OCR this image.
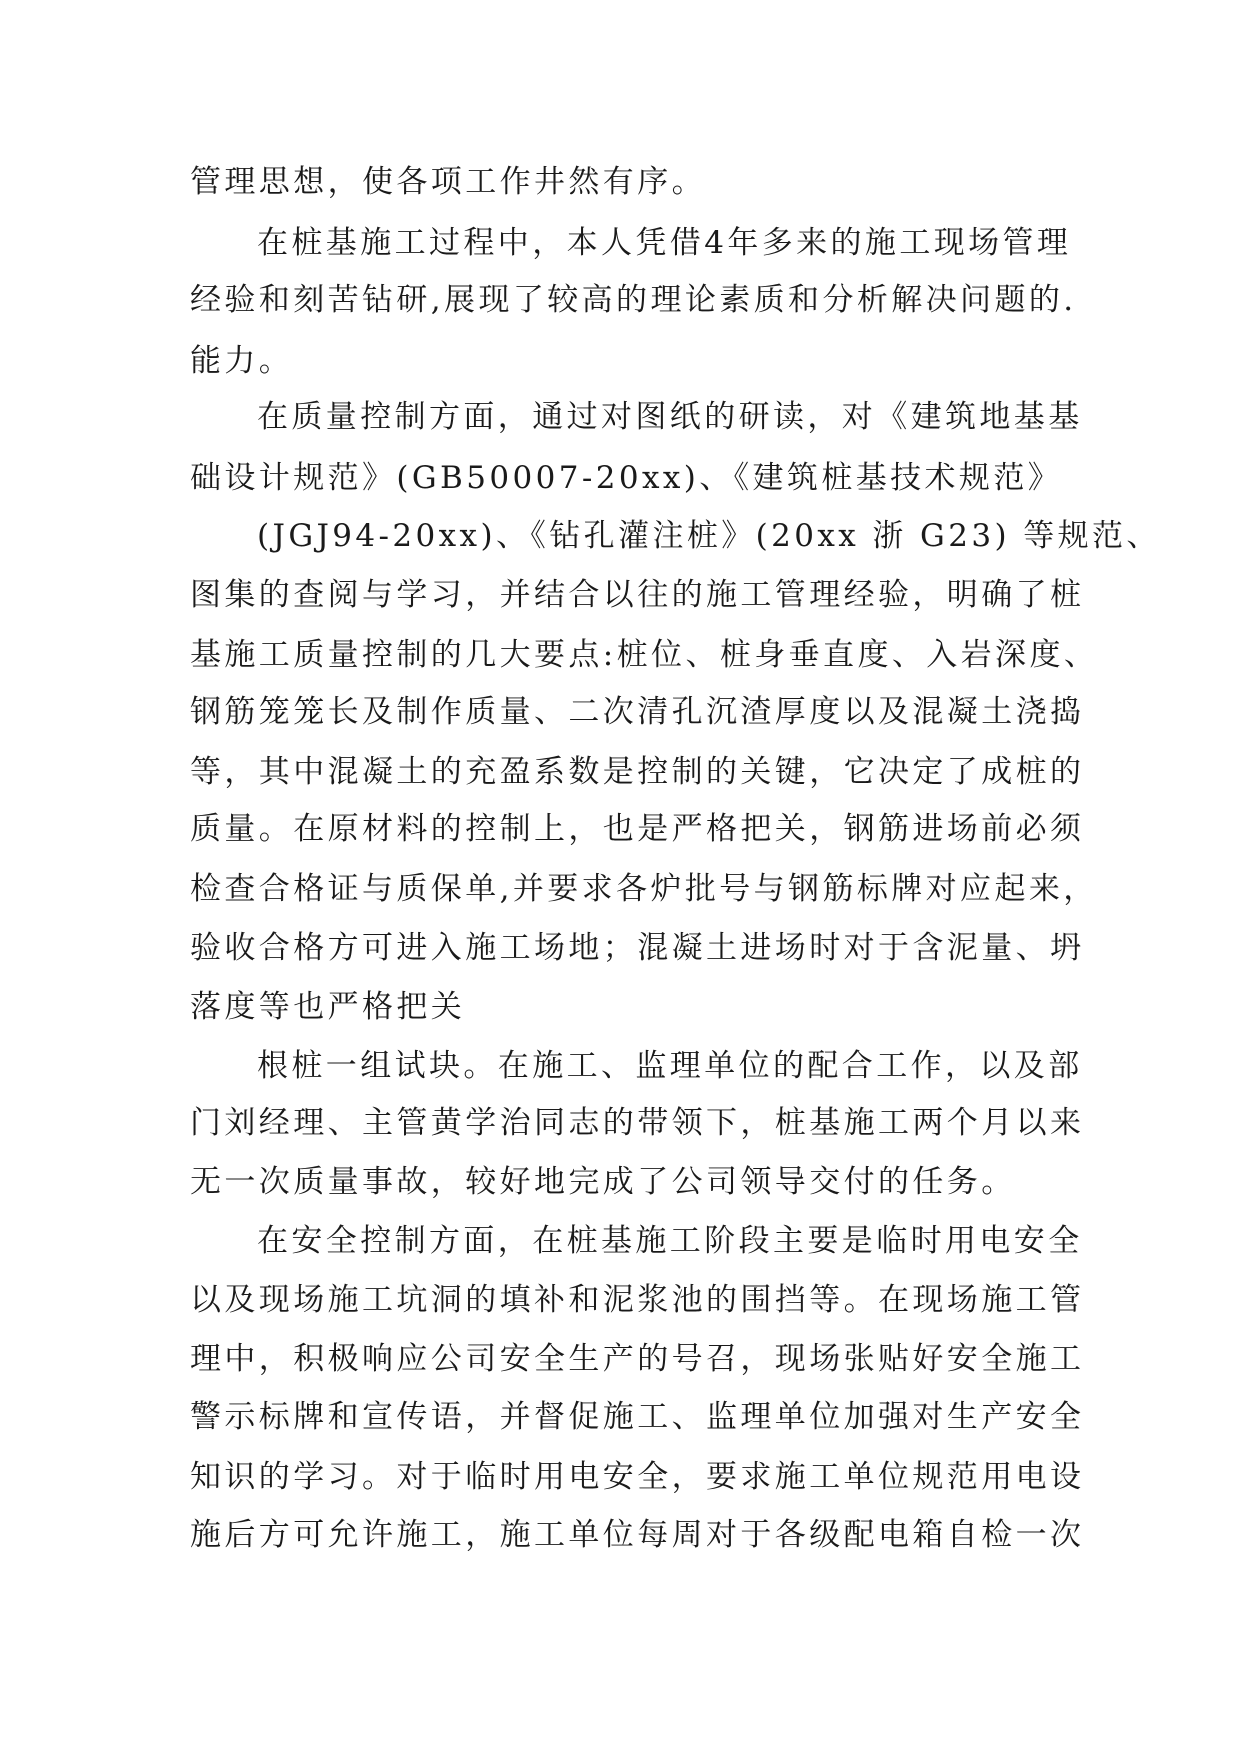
管理思想，使各项工作井然有序。
在桩基施工过程中，本人凭借4年多来的施工现场管理
经验和刻苦钻研,展现了较高的理论素质和分析解决问题的.
能力。
在质量控制方面，通过对图纸的研读，对《建筑地基基
础设计规范》(GB50007-20xx)、《建筑桩基技术规范》
(JGJ94-20xx)、《钻孔灌注桩》(20xx 浙 G23) 等规范、
图集的查阅与学习，并结合以往的施工管理经验，明确了桩
基施工质量控制的几大要点:桩位、桩身垂直度、入岩深度、
钢筋笼笼长及制作质量、二次清孔沉渣厚度以及混凝土浇捣
等，其中混凝土的充盈系数是控制的关键，它决定了成桩的
质量。在原材料的控制上，也是严格把关，钢筋进场前必须
检查合格证与质保单,并要求各炉批号与钢筋标牌对应起来，
验收合格方可进入施工场地；混凝土进场时对于含泥量、坍
落度等也严格把关
根桩一组试块。在施工、监理单位的配合工作，以及部
门刘经理、主管黄学治同志的带领下，桩基施工两个月以来
无一次质量事故，较好地完成了公司领导交付的任务。
在安全控制方面，在桩基施工阶段主要是临时用电安全
以及现场施工坑洞的填补和泥浆池的围挡等。在现场施工管
理中，积极响应公司安全生产的号召，现场张贴好安全施工
警示标牌和宣传语，并督促施工、监理单位加强对生产安全
知识的学习。对于临时用电安全，要求施工单位规范用电设
施后方可允许施工，施工单位每周对于各级配电箱自检一次
